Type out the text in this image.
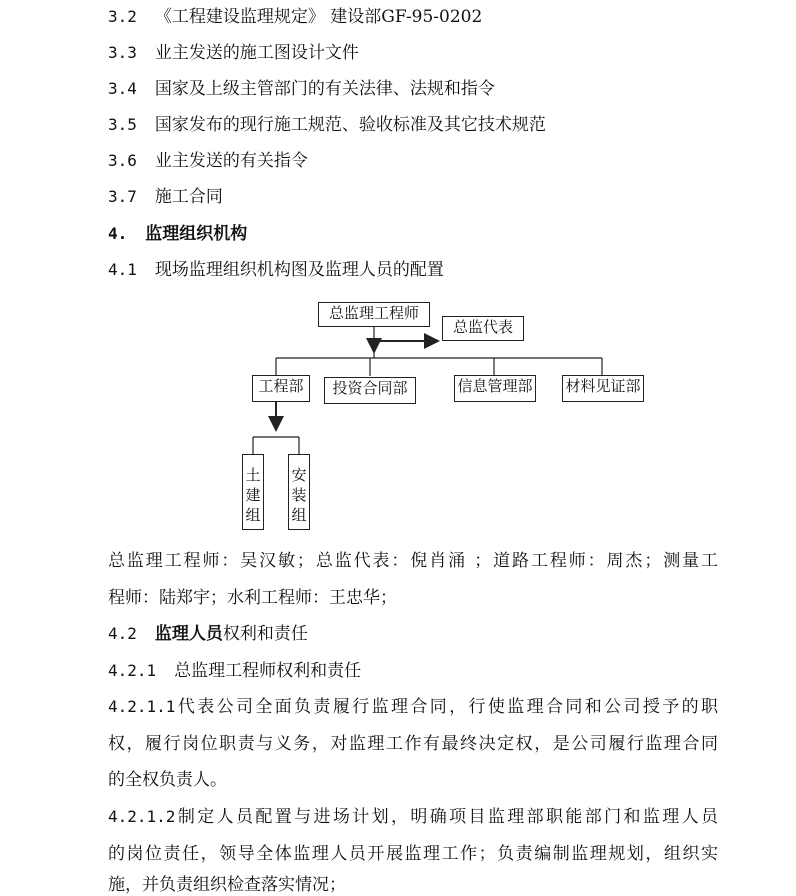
3.2 《工程建设监理规定》 建设部GF-95-0202
3.3 业主发送的施工图设计文件
3.4 国家及上级主管部门的有关法律、法规和指令
3.5 国家发布的现行施工规范、验收标准及其它技术规范
3.6 业主发送的有关指令
3.7 施工合同
4. 监理组织机构
4.1 现场监理组织机构图及监理人员的配置
总监理工程师
总监代表
工程部	投资合同部	信息管理部 材料见证部
土建组
安装组
总监理工程师：吴汉敏；总监代表：倪肖涌 ；道路工程师：周杰；测量工
程师：陆郑宇；水利工程师：王忠华；
4.2 监理人员权利和责任
4.2.1 总监理工程师权利和责任
4.2.1.1代表公司全面负责履行监理合同，行使监理合同和公司授予的职
权，履行岗位职责与义务，对监理工作有最终决定权，是公司履行监理合同
的全权负责人。
4.2.1.2制定人员配置与进场计划，明确项目监理部职能部门和监理人员
的岗位责任，领导全体监理人员开展监理工作；负责编制监理规划，组织实
施，并负责组织检查落实情况；
